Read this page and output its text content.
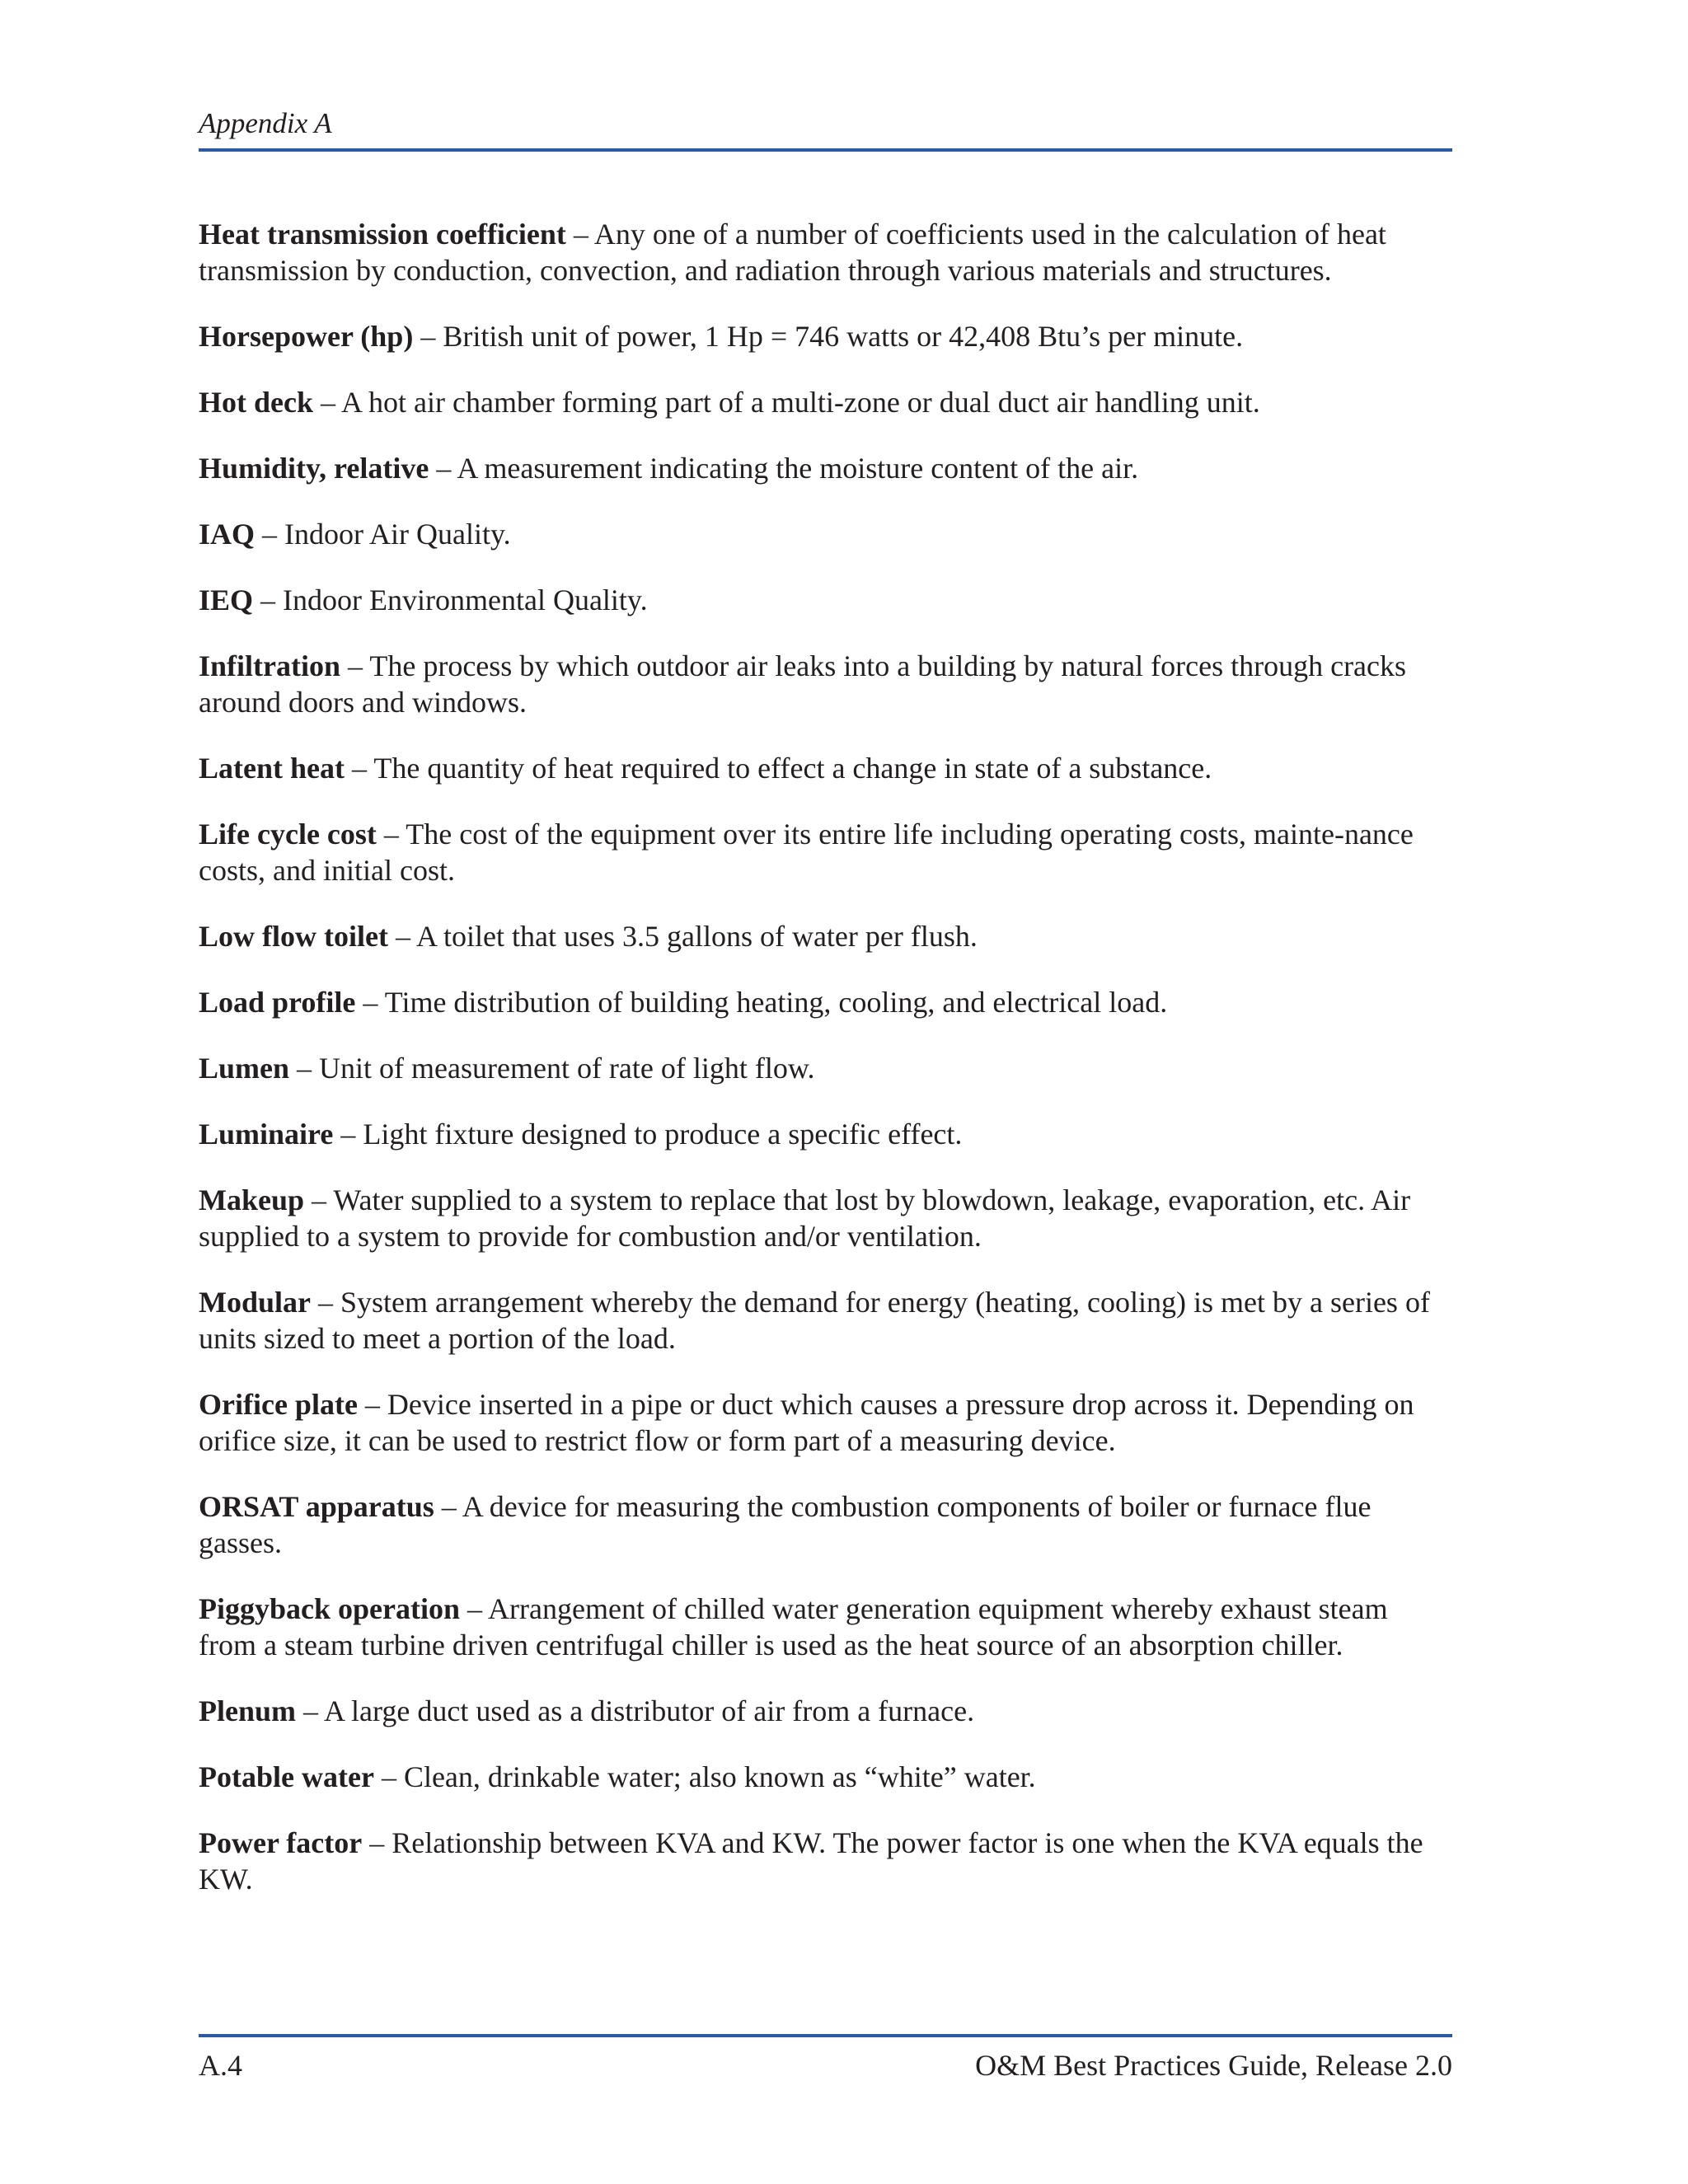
Appendix A

Heat transmission coefficient – Any one of a number of coefficients used in the calculation of heat transmission by conduction, convection, and radiation through various materials and structures.

Horsepower (hp) – British unit of power, 1 Hp = 746 watts or 42,408 Btu’s per minute.

Hot deck – A hot air chamber forming part of a multi-zone or dual duct air handling unit.

Humidity, relative – A measurement indicating the moisture content of the air.

IAQ – Indoor Air Quality.

IEQ – Indoor Environmental Quality.

Infiltration – The process by which outdoor air leaks into a building by natural forces through cracks around doors and windows.

Latent heat – The quantity of heat required to effect a change in state of a substance.

Life cycle cost – The cost of the equipment over its entire life including operating costs, mainte-nance costs, and initial cost.

Low flow toilet – A toilet that uses 3.5 gallons of water per flush.

Load profile – Time distribution of building heating, cooling, and electrical load.

Lumen – Unit of measurement of rate of light flow.

Luminaire – Light fixture designed to produce a specific effect.

Makeup – Water supplied to a system to replace that lost by blowdown, leakage, evaporation, etc. Air supplied to a system to provide for combustion and/or ventilation.

Modular – System arrangement whereby the demand for energy (heating, cooling) is met by a series of units sized to meet a portion of the load.

Orifice plate – Device inserted in a pipe or duct which causes a pressure drop across it. Depending on orifice size, it can be used to restrict flow or form part of a measuring device.

ORSAT apparatus – A device for measuring the combustion components of boiler or furnace flue gasses.

Piggyback operation – Arrangement of chilled water generation equipment whereby exhaust steam from a steam turbine driven centrifugal chiller is used as the heat source of an absorption chiller.

Plenum – A large duct used as a distributor of air from a furnace.

Potable water – Clean, drinkable water; also known as “white” water.

Power factor – Relationship between KVA and KW. The power factor is one when the KVA equals the KW.

A.4	O&M Best Practices Guide, Release 2.0
